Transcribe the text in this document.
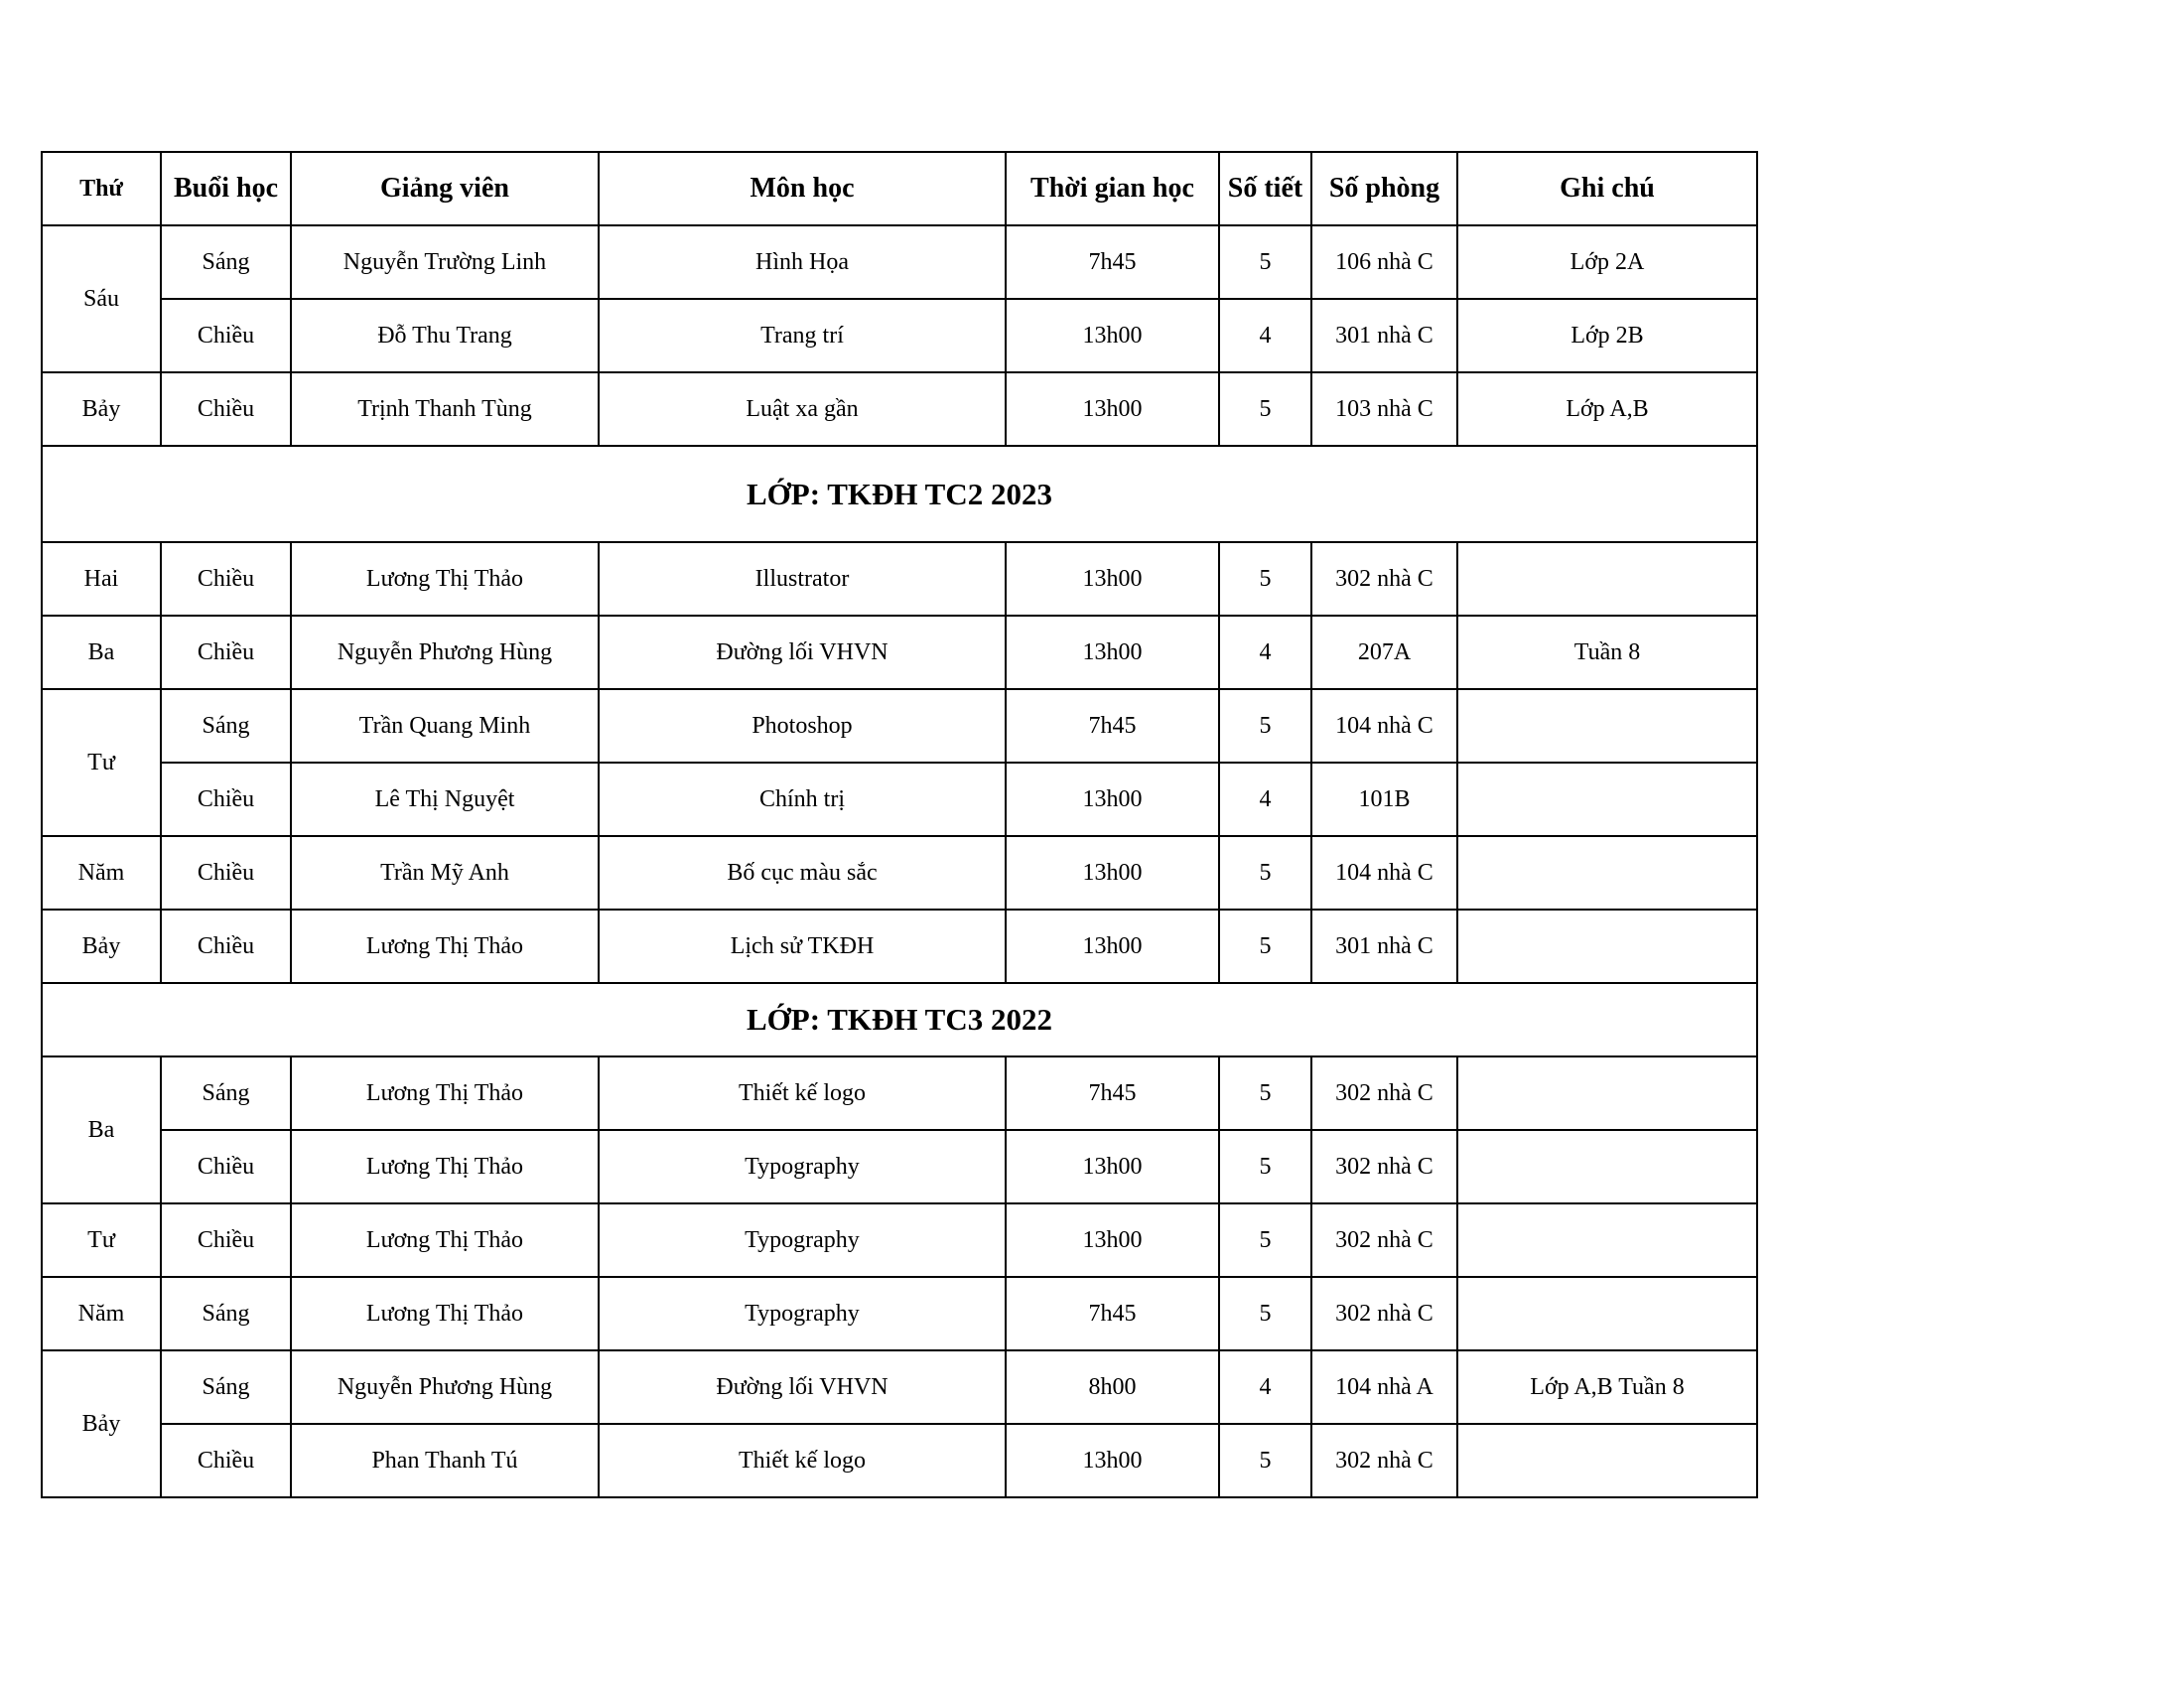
Thứ	Buổi học	Giảng viên	Môn học	Thời gian học	Số tiết	Số phòng	Ghi chú
Sáu	Sáng	Nguyễn Trường Linh	Hình Họa	7h45	5	106 nhà C	Lớp 2A
	Chiều	Đỗ Thu Trang	Trang trí	13h00	4	301 nhà C	Lớp 2B
Bảy	Chiều	Trịnh Thanh Tùng	Luật xa gần	13h00	5	103 nhà C	Lớp A,B
LỚP: TKĐH TC2 2023							
Hai	Chiều	Lương Thị Thảo	Illustrator	13h00	5	302 nhà C	
Ba	Chiều	Nguyễn Phương Hùng	Đường lối VHVN	13h00	4	207A	Tuần 8
Tư	Sáng	Trần Quang Minh	Photoshop	7h45	5	104 nhà C	
	Chiều	Lê Thị Nguyệt	Chính trị	13h00	4	101B	
Năm	Chiều	Trần Mỹ Anh	Bố cục màu sắc	13h00	5	104 nhà C	
Bảy	Chiều	Lương Thị Thảo	Lịch sử TKĐH	13h00	5	301 nhà C	
LỚP: TKĐH TC3 2022							
Ba	Sáng	Lương Thị Thảo	Thiết kế logo	7h45	5	302 nhà C	
	Chiều	Lương Thị Thảo	Typography	13h00	5	302 nhà C	
Tư	Chiều	Lương Thị Thảo	Typography	13h00	5	302 nhà C	
Năm	Sáng	Lương Thị Thảo	Typography	7h45	5	302 nhà C	
Bảy	Sáng	Nguyễn Phương Hùng	Đường lối VHVN	8h00	4	104 nhà A	Lớp A,B Tuần 8
	Chiều	Phan Thanh Tú	Thiết kế logo	13h00	5	302 nhà C	
